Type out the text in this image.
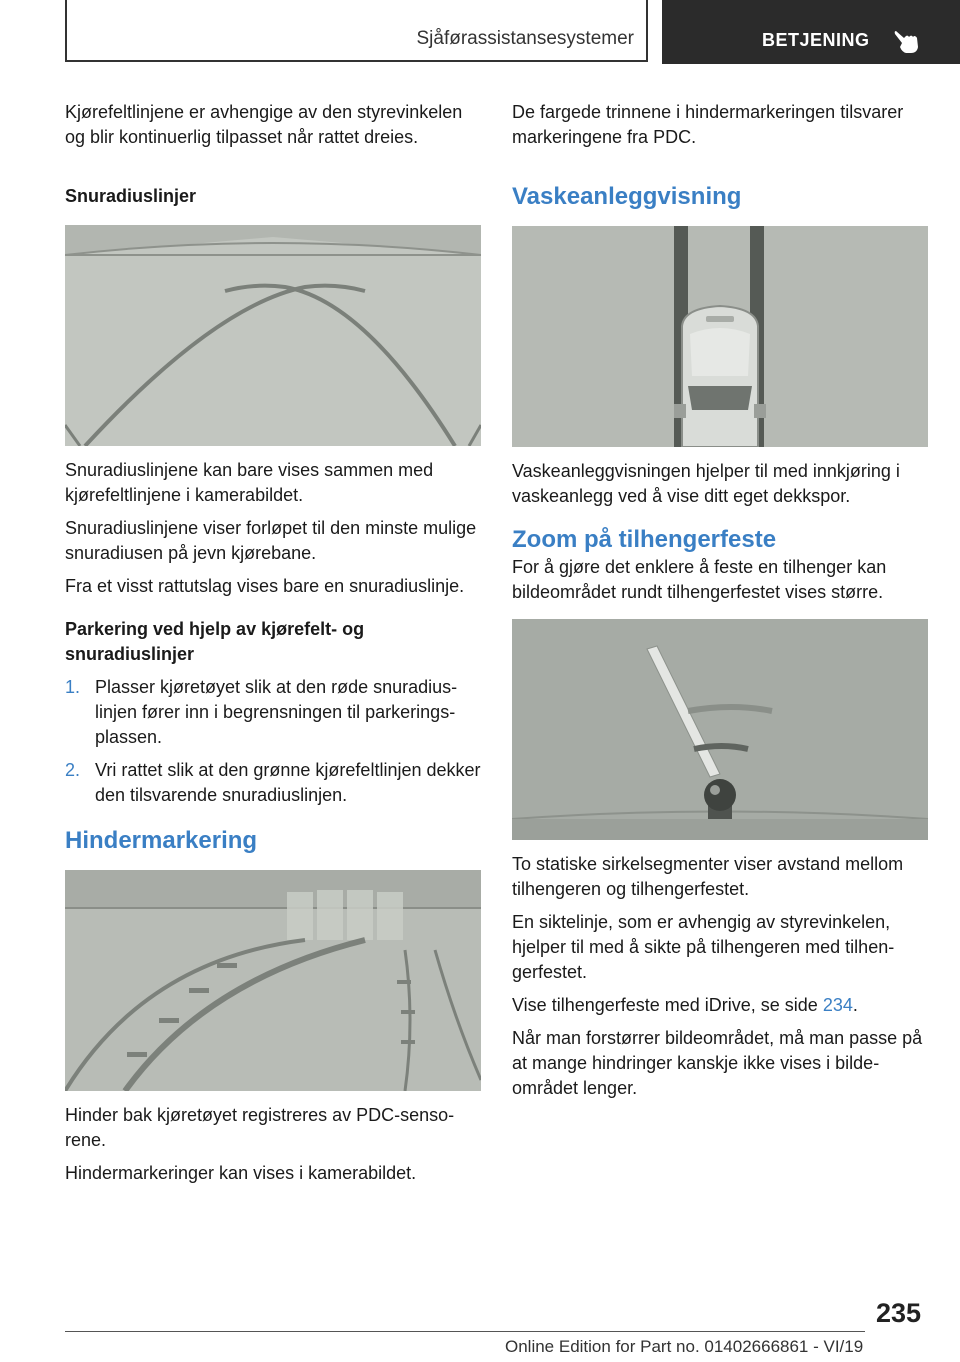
Sjåførassistansesystemer	BETJENING

Kjørefeltlinjene er avhengige av den styrevinkelen og blir kontinuerlig tilpasset når rattet dreies.

Snuradiuslinjer

Snuradiuslinjene kan bare vises sammen med kjørefeltlinjene i kamerabildet.

Snuradiuslinjene viser forløpet til den minste mulige snuradiusen på jevn kjørebane.

Fra et visst rattutslag vises bare en snuradiuslinje.

Parkering ved hjelp av kjørefelt- og snuradiuslinjer
1. Plasser kjøretøyet slik at den røde snuradiuslinjen fører inn i begrensningen til parkeringsplassen.
2. Vri rattet slik at den grønne kjørefeltlinjen dekker den tilsvarende snuradiuslinjen.
Hindermarkering

Hinder bak kjøretøyet registreres av PDC-sensorene.

Hindermarkeringer kan vises i kamerabildet.

De fargede trinnene i hindermarkeringen tilsvarer markeringene fra PDC.

Vaskeanleggvisning

Vaskeanleggvisningen hjelper til med innkjøring i vaskeanlegg ved å vise ditt eget dekkspor.

Zoom på tilhengerfeste

For å gjøre det enklere å feste en tilhenger kan bildeområdet rundt tilhengerfestet vises større.

To statiske sirkelsegmenter viser avstand mellom tilhengeren og tilhengerfestet.

En siktelinje, som er avhengig av styrevinkelen, hjelper til med å sikte på tilhengeren med tilhengerfestet.

Vise tilhengerfeste med iDrive, se side 234.

Når man forstørrer bildeområdet, må man passe på at mange hindringer kanskje ikke vises i bildeområdet lenger.

235
Online Edition for Part no. 01402666861 - VI/19
